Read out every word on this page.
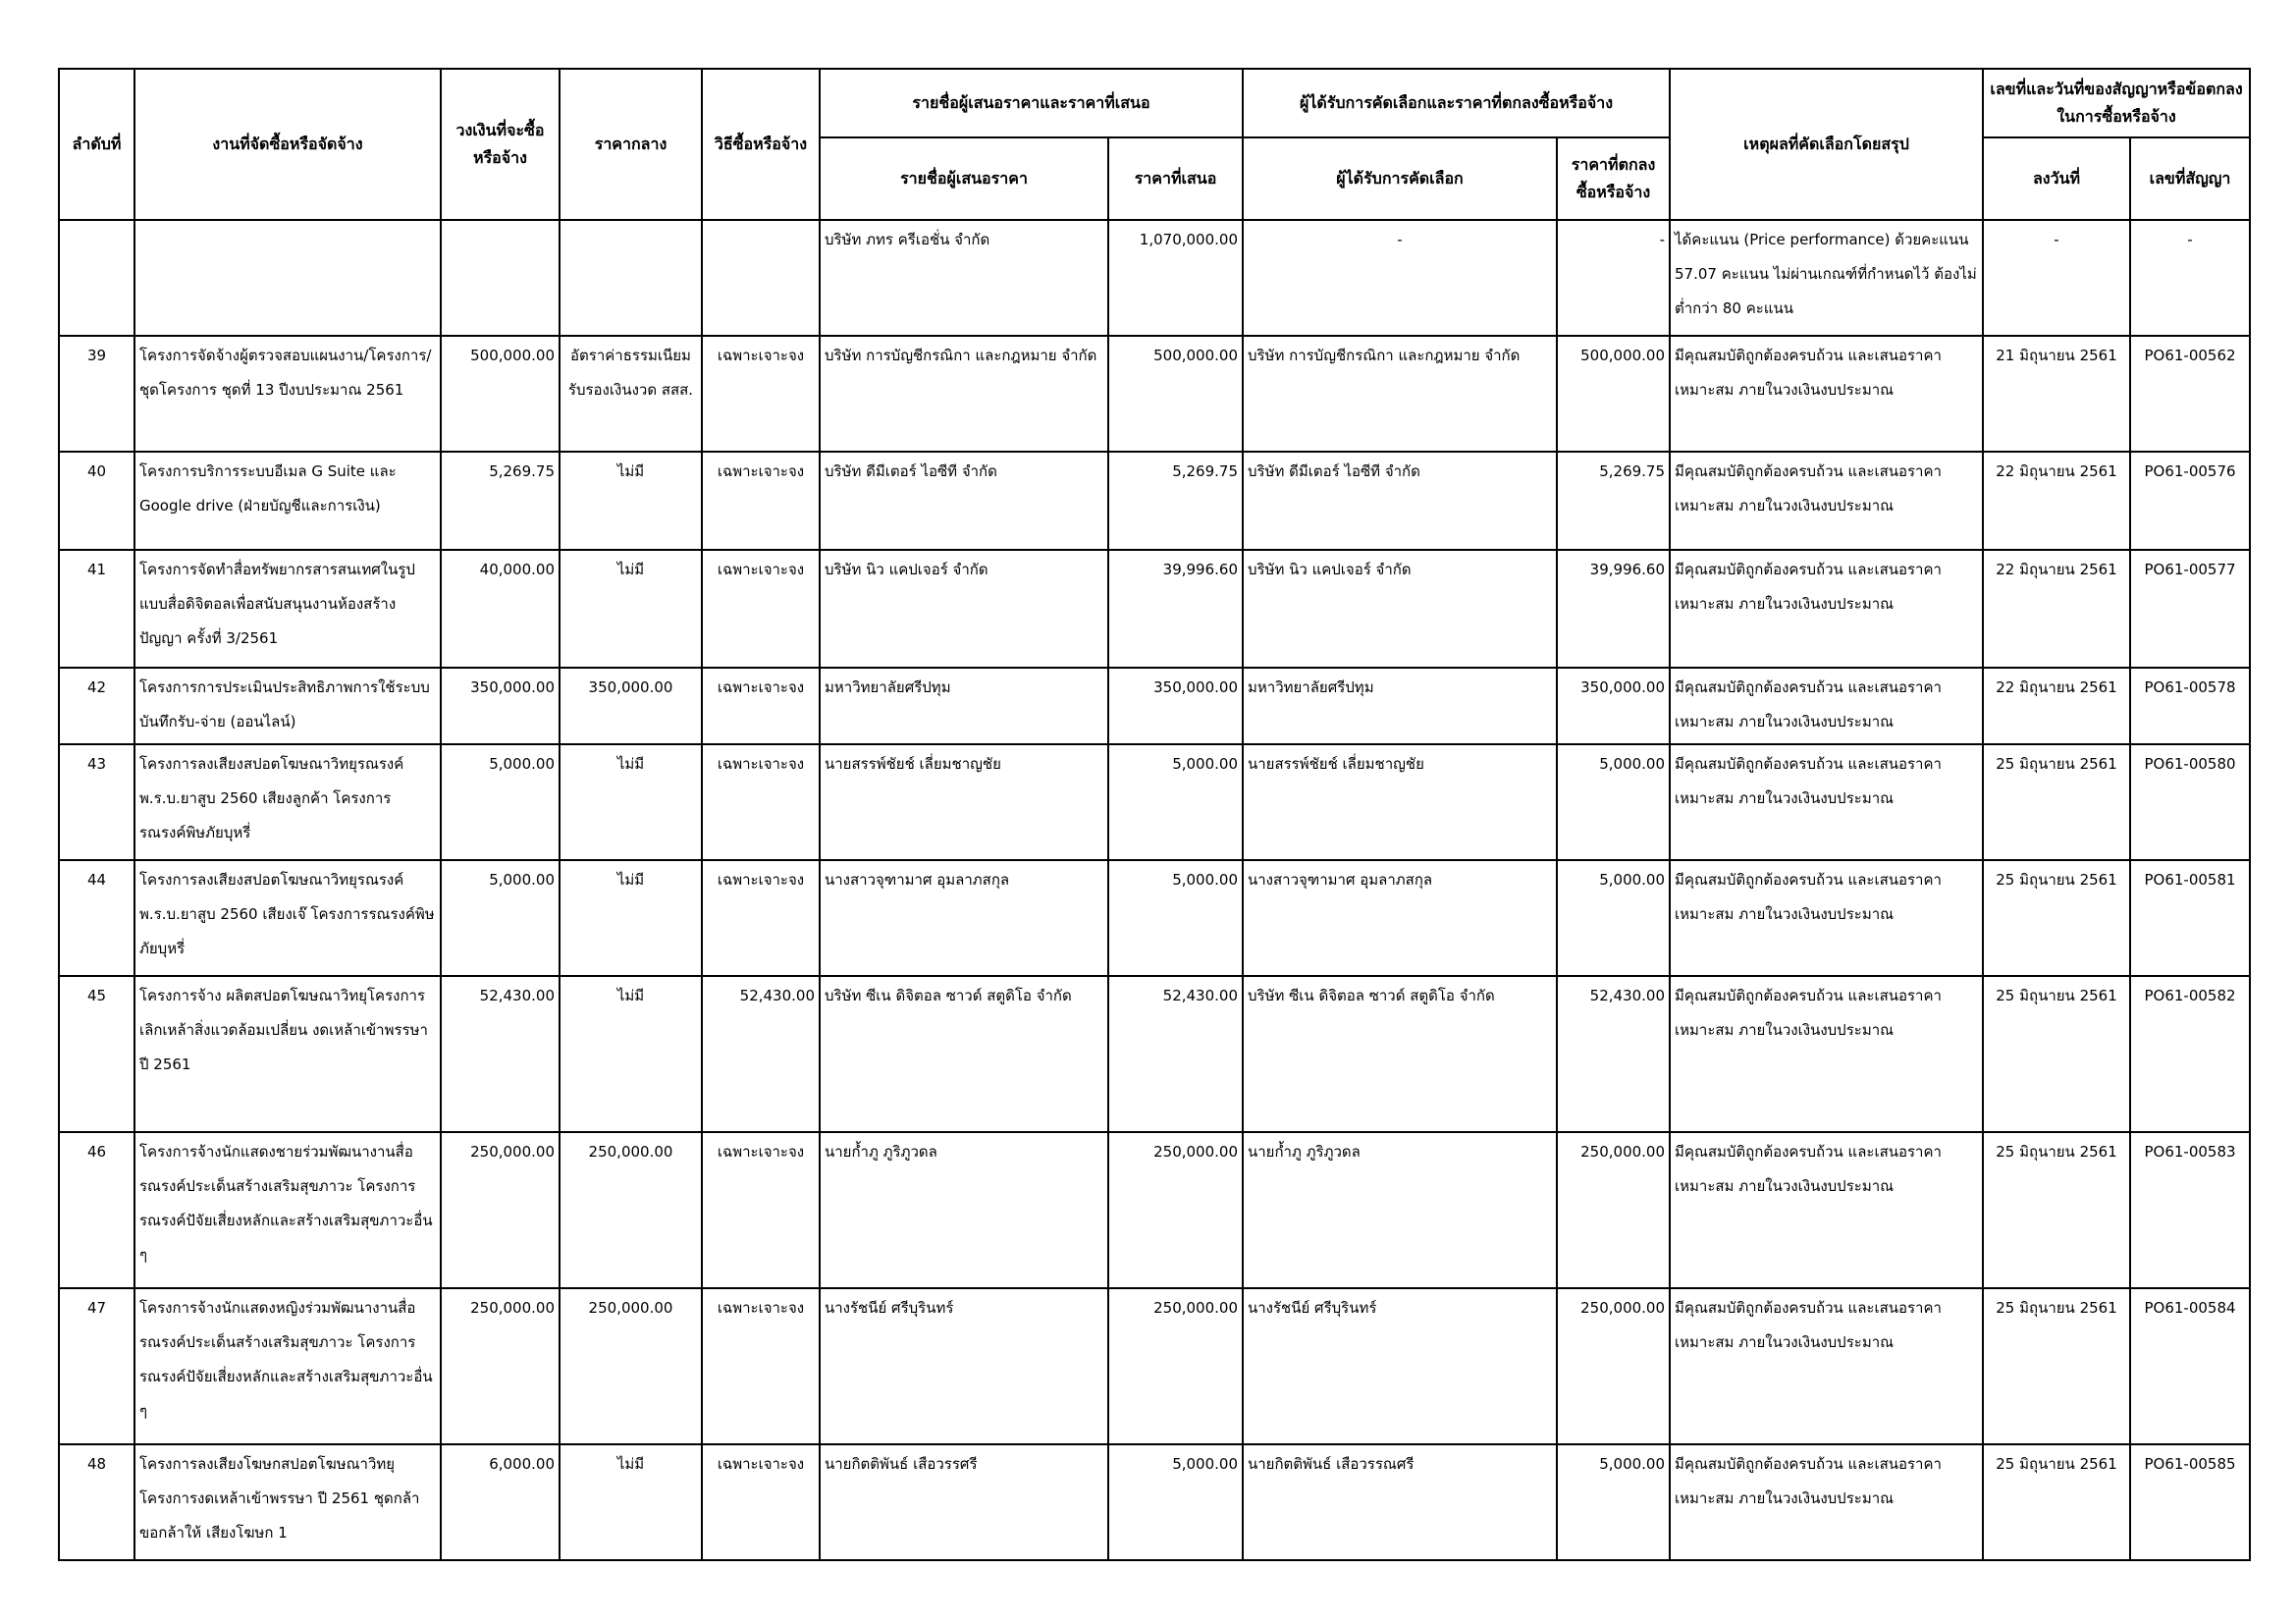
ลำดับที่	งานที่จัดซื้อหรือจัดจ้าง	วงเงินที่จะซื้อหรือจ้าง	ราคากลาง	วิธีซื้อหรือจ้าง	รายชื่อผู้เสนอราคาและราคาที่เสนอ		ผู้ได้รับการคัดเลือกและราคาที่ตกลงซื้อหรือจ้าง		เหตุผลที่คัดเลือกโดยสรุป	เลขที่และวันที่ของสัญญาหรือข้อตกลงในการซื้อหรือจ้าง	
					รายชื่อผู้เสนอราคา	ราคาที่เสนอ	ผู้ได้รับการคัดเลือก	ราคาที่ตกลงซื้อหรือจ้าง		ลงวันที่	เลขที่สัญญา
					บริษัท ภทร ครีเอชั่น จำกัด	1,070,000.00	-	-	ได้คะแนน (Price performance) ด้วยคะแนน 57.07 คะแนน ไม่ผ่านเกณฑ์ที่กำหนดไว้ ต้องไม่ต่ำกว่า 80 คะแนน	-	-
39	โครงการจัดจ้างผู้ตรวจสอบแผนงาน/โครงการ/ชุดโครงการ ชุดที่ 13 ปีงบประมาณ 2561	500,000.00	อัตราค่าธรรมเนียมรับรองเงินงวด สสส.	เฉพาะเจาะจง	บริษัท การบัญชีกรณิกา และกฎหมาย จำกัด	500,000.00	บริษัท การบัญชีกรณิกา และกฎหมาย จำกัด	500,000.00	มีคุณสมบัติถูกต้องครบถ้วน และเสนอราคาเหมาะสม ภายในวงเงินงบประมาณ	21 มิถุนายน 2561	PO61-00562
40	โครงการบริการระบบอีเมล G Suite และ Google drive (ฝ่ายบัญชีและการเงิน)	5,269.75	ไม่มี	เฉพาะเจาะจง	บริษัท ดีมีเตอร์ ไอซีที จำกัด	5,269.75	บริษัท ดีมีเตอร์ ไอซีที จำกัด	5,269.75	มีคุณสมบัติถูกต้องครบถ้วน และเสนอราคาเหมาะสม ภายในวงเงินงบประมาณ	22 มิถุนายน 2561	PO61-00576
41	โครงการจัดทำสื่อทรัพยากรสารสนเทศในรูปแบบสื่อดิจิตอลเพื่อสนับสนุนงานห้องสร้างปัญญา ครั้งที่ 3/2561	40,000.00	ไม่มี	เฉพาะเจาะจง	บริษัท นิว แคปเจอร์ จำกัด	39,996.60	บริษัท นิว แคปเจอร์ จำกัด	39,996.60	มีคุณสมบัติถูกต้องครบถ้วน และเสนอราคาเหมาะสม ภายในวงเงินงบประมาณ	22 มิถุนายน 2561	PO61-00577
42	โครงการการประเมินประสิทธิภาพการใช้ระบบบันทึกรับ-จ่าย (ออนไลน์)	350,000.00	350,000.00	เฉพาะเจาะจง	มหาวิทยาลัยศรีปทุม	350,000.00	มหาวิทยาลัยศรีปทุม	350,000.00	มีคุณสมบัติถูกต้องครบถ้วน และเสนอราคาเหมาะสม ภายในวงเงินงบประมาณ	22 มิถุนายน 2561	PO61-00578
43	โครงการลงเสียงสปอตโฆษณาวิทยุรณรงค์ พ.ร.บ.ยาสูบ 2560 เสียงลูกค้า โครงการรณรงค์พิษภัยบุหรี่	5,000.00	ไม่มี	เฉพาะเจาะจง	นายสรรพ์ชัยช์ เลี่ยมชาญชัย	5,000.00	นายสรรพ์ชัยช์ เลี่ยมชาญชัย	5,000.00	มีคุณสมบัติถูกต้องครบถ้วน และเสนอราคาเหมาะสม ภายในวงเงินงบประมาณ	25 มิถุนายน 2561	PO61-00580
44	โครงการลงเสียงสปอตโฆษณาวิทยุรณรงค์ พ.ร.บ.ยาสูบ 2560 เสียงเจ๊ โครงการรณรงค์พิษภัยบุหรี่	5,000.00	ไม่มี	เฉพาะเจาะจง	นางสาวจุฑามาศ อุมลาภสกุล	5,000.00	นางสาวจุฑามาศ อุมลาภสกุล	5,000.00	มีคุณสมบัติถูกต้องครบถ้วน และเสนอราคาเหมาะสม ภายในวงเงินงบประมาณ	25 มิถุนายน 2561	PO61-00581
45	โครงการจ้าง ผลิตสปอตโฆษณาวิทยุโครงการเลิกเหล้าสิ่งแวดล้อมเปลี่ยน งดเหล้าเข้าพรรษา ปี 2561	52,430.00	ไม่มี	52,430.00	บริษัท ซีเน ดิจิตอล ซาวด์ สตูดิโอ จำกัด	52,430.00	บริษัท ซีเน ดิจิตอล ซาวด์ สตูดิโอ จำกัด	52,430.00	มีคุณสมบัติถูกต้องครบถ้วน และเสนอราคาเหมาะสม ภายในวงเงินงบประมาณ	25 มิถุนายน 2561	PO61-00582
46	โครงการจ้างนักแสดงชายร่วมพัฒนางานสื่อรณรงค์ประเด็นสร้างเสริมสุขภาวะ โครงการรณรงค์ปัจัยเสี่ยงหลักและสร้างเสริมสุขภาวะอื่น ๆ	250,000.00	250,000.00	เฉพาะเจาะจง	นายก้ำภู ภูริภูวดล	250,000.00	นายก้ำภู ภูริภูวดล	250,000.00	มีคุณสมบัติถูกต้องครบถ้วน และเสนอราคาเหมาะสม ภายในวงเงินงบประมาณ	25 มิถุนายน 2561	PO61-00583
47	โครงการจ้างนักแสดงหญิงร่วมพัฒนางานสื่อรณรงค์ประเด็นสร้างเสริมสุขภาวะ โครงการรณรงค์ปัจัยเสี่ยงหลักและสร้างเสริมสุขภาวะอื่น ๆ	250,000.00	250,000.00	เฉพาะเจาะจง	นางรัชนีย์ ศรีบุรินทร์	250,000.00	นางรัชนีย์ ศรีบุรินทร์	250,000.00	มีคุณสมบัติถูกต้องครบถ้วน และเสนอราคาเหมาะสม ภายในวงเงินงบประมาณ	25 มิถุนายน 2561	PO61-00584
48	โครงการลงเสียงโฆษกสปอตโฆษณาวิทยุ โครงการงดเหล้าเข้าพรรษา ปี 2561 ชุดกล้าขอกล้าให้ เสียงโฆษก 1	6,000.00	ไม่มี	เฉพาะเจาะจง	นายกิตติพันธ์ เสือวรรศรี	5,000.00	นายกิตติพันธ์ เสือวรรณศรี	5,000.00	มีคุณสมบัติถูกต้องครบถ้วน และเสนอราคาเหมาะสม ภายในวงเงินงบประมาณ	25 มิถุนายน 2561	PO61-00585
